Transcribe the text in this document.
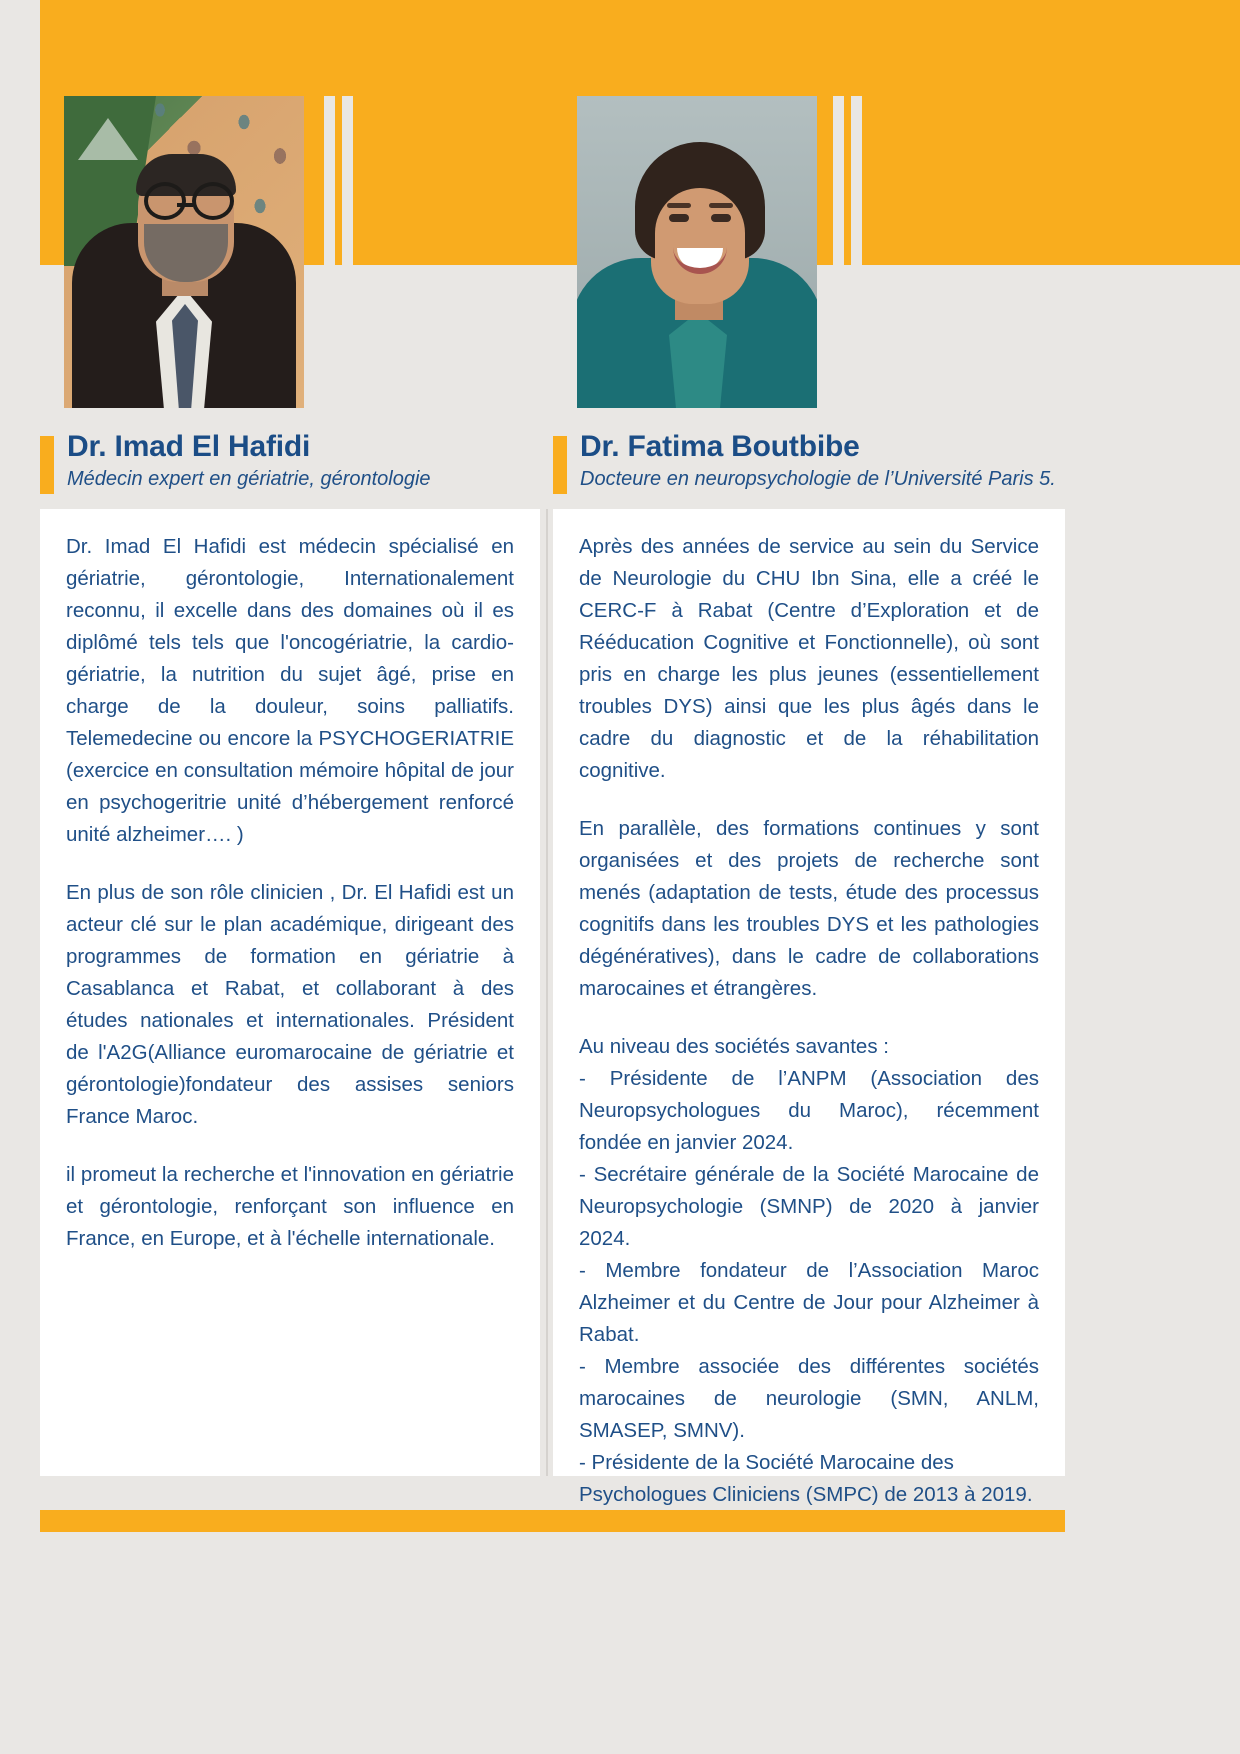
Dr. Imad El Hafidi
Médecin expert en gériatrie, gérontologie
Dr. Fatima Boutbibe
Docteure en neuropsychologie de l’Université Paris 5.

Dr. Imad El Hafidi est médecin spécialisé en gériatrie, gérontologie, Internationalement reconnu, il excelle dans des domaines où il es diplômé tels tels que l'oncogériatrie, la cardio-gériatrie, la nutrition du sujet âgé, prise en charge de la douleur, soins palliatifs. Telemedecine ou encore la PSYCHOGERIATRIE (exercice en consultation mémoire hôpital de jour en psychogeritrie unité d’hébergement renforcé unité alzheimer…. )

En plus de son rôle clinicien , Dr. El Hafidi est un acteur clé sur le plan académique, dirigeant des programmes de formation en gériatrie à Casablanca et Rabat, et collaborant à des études nationales et internationales. Président de l'A2G(Alliance euromarocaine de gériatrie et gérontologie)fondateur des assises seniors France Maroc.

il promeut la recherche et l'innovation en gériatrie et gérontologie, renforçant son influence en France, en Europe, et à l'échelle internationale.

Après des années de service au sein du Service de Neurologie du CHU Ibn Sina, elle a créé le CERC-F à Rabat (Centre d’Exploration et de Rééducation Cognitive et Fonctionnelle), où sont pris en charge les plus jeunes (essentiellement troubles DYS) ainsi que les plus âgés dans le cadre du diagnostic et de la réhabilitation cognitive.

En parallèle, des formations continues y sont organisées et des projets de recherche sont menés (adaptation de tests, étude des processus cognitifs dans les troubles DYS et les pathologies dégénératives), dans le cadre de collaborations marocaines et étrangères.

Au niveau des sociétés savantes :

- Présidente de l’ANPM (Association des Neuropsychologues du Maroc), récemment fondée en janvier 2024.

- Secrétaire générale de la Société Marocaine de Neuropsychologie (SMNP) de 2020 à janvier 2024.

- Membre fondateur de l’Association Maroc Alzheimer et du Centre de Jour pour Alzheimer à Rabat.

- Membre associée des différentes sociétés marocaines de neurologie (SMN, ANLM, SMASEP, SMNV).

- Présidente de la Société Marocaine des Psychologues Cliniciens (SMPC) de 2013 à 2019.
